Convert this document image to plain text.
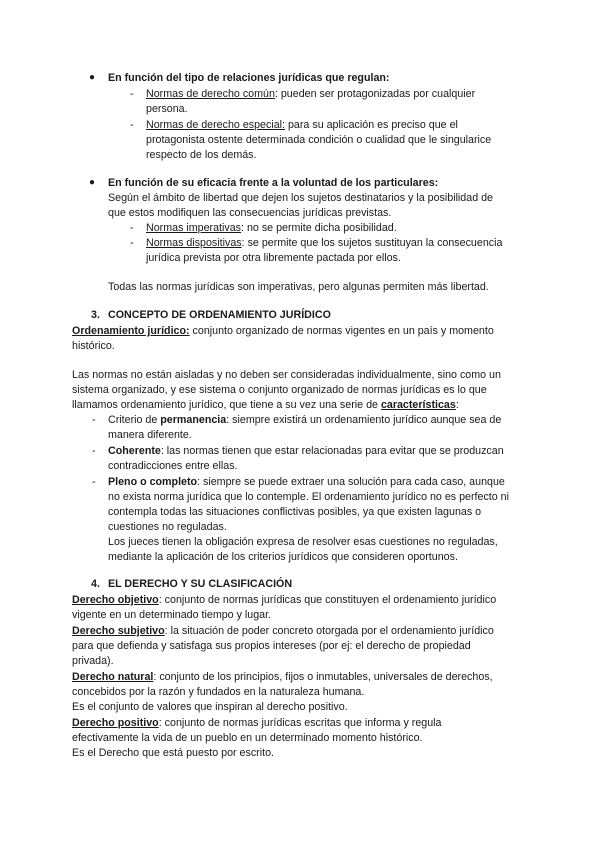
● En función del tipo de relaciones jurídicas que regulan:
- Normas de derecho común: pueden ser protagonizadas por cualquier
persona.
- Normas de derecho especial: para su aplicación es preciso que el
protagonista ostente determinada condición o cualidad que le singularice
respecto de los demás.
● En función de su eficacia frente a la voluntad de los particulares:
Según el ámbito de libertad que dejen los sujetos destinatarios y la posibilidad de
que estos modifiquen las consecuencias jurídicas previstas.
- Normas imperativas: no se permite dicha posibilidad.
- Normas dispositivas: se permite que los sujetos sustituyan la consecuencia
jurídica prevista por otra libremente pactada por ellos.
Todas las normas jurídicas son imperativas, pero algunas permiten más libertad.
3. CONCEPTO DE ORDENAMIENTO JURÍDICO
Ordenamiento jurídico: conjunto organizado de normas vigentes en un país y momento
histórico.
Las normas no están aisladas y no deben ser consideradas individualmente, sino como un
sistema organizado, y ese sistema o conjunto organizado de normas jurídicas es lo que
llamamos ordenamiento jurídico, que tiene a su vez una serie de características:
- Criterio de permanencia: siempre existirá un ordenamiento jurídico aunque sea de
manera diferente.
- Coherente: las normas tienen que estar relacionadas para evitar que se produzcan
contradicciones entre ellas.
- Pleno o completo: siempre se puede extraer una solución para cada caso, aunque
no exista norma jurídica que lo contemple. El ordenamiento jurídico no es perfecto ni
contempla todas las situaciones conflictivas posibles, ya que existen lagunas o
cuestiones no reguladas.
Los jueces tienen la obligación expresa de resolver esas cuestiones no reguladas,
mediante la aplicación de los criterios jurídicos que consideren oportunos.
4. EL DERECHO Y SU CLASIFICACIÓN
Derecho objetivo: conjunto de normas jurídicas que constituyen el ordenamiento jurídico
vigente en un determinado tiempo y lugar.
Derecho subjetivo: la situación de poder concreto otorgada por el ordenamiento jurídico
para que defienda y satisfaga sus propios intereses (por ej: el derecho de propiedad
privada).
Derecho natural: conjunto de los principios, fijos o inmutables, universales de derechos,
concebidos por la razón y fundados en la naturaleza humana.
Es el conjunto de valores que inspiran al derecho positivo.
Derecho positivo: conjunto de normas jurídicas escritas que informa y regula
efectivamente la vida de un pueblo en un determinado momento histórico.
Es el Derecho que está puesto por escrito.
